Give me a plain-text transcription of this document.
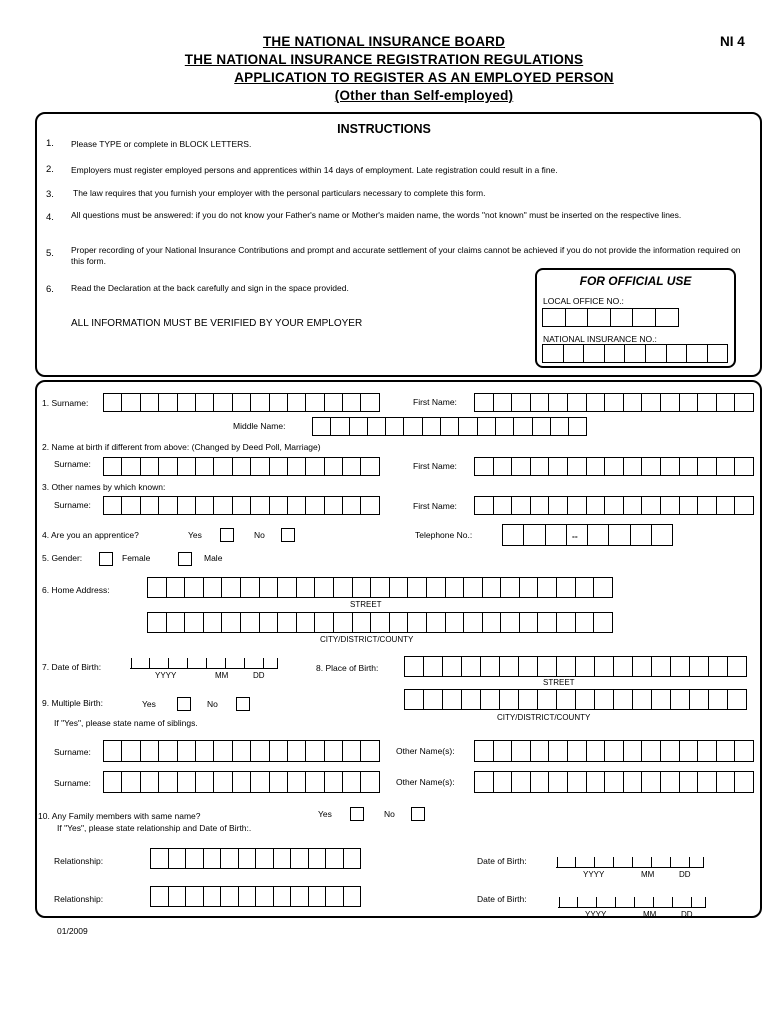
THE NATIONAL INSURANCE BOARD	NI 4
THE NATIONAL INSURANCE REGISTRATION REGULATIONS
APPLICATION TO REGISTER AS AN EMPLOYED PERSON
(Other than Self-employed)
INSTRUCTIONS
1. Please TYPE or complete in BLOCK LETTERS.
2. Employers must register employed persons and apprentices within 14 days of employment. Late registration could result in a fine.
3. The law requires that you furnish your employer with the personal particulars necessary to complete this form.
4. All questions must be answered: if you do not know your Father's name or Mother's maiden name, the words "not known" must be inserted on the respective lines.
5. Proper recording of your National Insurance Contributions and prompt and accurate settlement of your claims cannot be achieved if you do not provide the information required on this form.
6. Read the Declaration at the back carefully and sign in the space provided.
ALL INFORMATION MUST BE VERIFIED BY YOUR EMPLOYER
FOR OFFICIAL USE
LOCAL OFFICE NO.:
NATIONAL INSURANCE NO.:
1. Surname:	First Name:
Middle Name:
2. Name at birth if different from above: (Changed by Deed Poll, Marriage)
Surname:	First Name:
3. Other names by which known:
Surname:	First Name:
4. Are you an apprentice?	Yes	No	Telephone No.:	--
5. Gender:	Female	Male
6. Home Address:
STREET
CITY/DISTRICT/COUNTY
7. Date of Birth:
YYYY	MM	DD
8. Place of Birth:
STREET
CITY/DISTRICT/COUNTY
9. Multiple Birth:	Yes	No
If "Yes", please state name of siblings.
Surname:	Other Name(s):
Surname:	Other Name(s):
10. Any Family members with same name?	Yes	No
If "Yes", please state relationship and Date of Birth:.
Relationship:	Date of Birth:
YYYY	MM	DD
Relationship:	Date of Birth:
YYYY	MM	DD
01/2009
